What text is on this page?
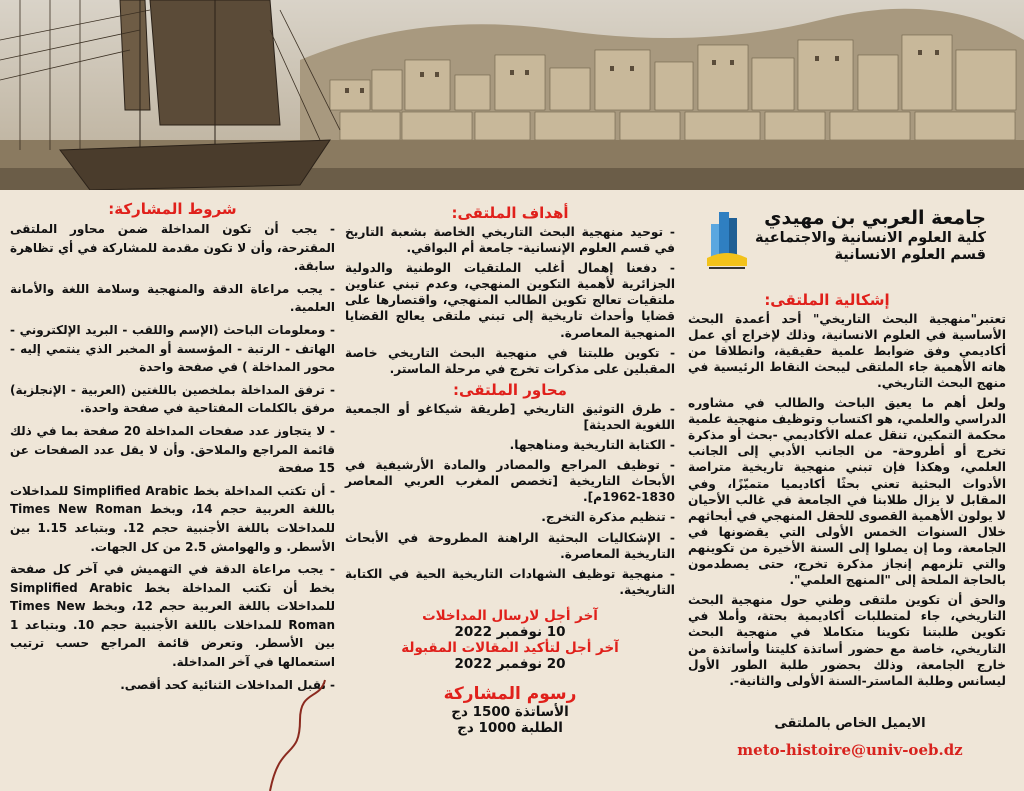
جامعة العربي بن مهيدي
كلية العلوم الانسانية والاجتماعية
قسم العلوم الانسانية
إشكالية الملتقى:
تعتبر"منهجية البحث التاريخي" أحد أعمدة البحث الأساسية في العلوم الانسانية، وذلك لإخراج أي عمل أكاديمي وفق ضوابط علمية حقيقية، وانطلاقا من هاته الأهمية جاء الملتقى ليبحث النقاط الرئيسية في منهج البحث التاريخي.
ولعل أهم ما يعيق الباحث والطالب في مشاوره الدراسي والعلمي، هو اكتساب وتوظيف منهجية علمية محكمة التمكين، تنقل عمله الأكاديمي -بحث أو مذكرة تخرج أو أطروحة- من الجانب الأدبي إلى الجانب العلمي، وهكذا فإن تبني منهجية تاريخية متراصة الأدوات البحثية تعني بحثًا أكاديميا متميّزًا، وفي المقابل لا يزال طلابنا في الجامعة في غالب الأحيان لا يولون الأهمية القصوى للحقل المنهجي في أبحاثهم خلال السنوات الخمس الأولى التي يقضونها في الجامعة، وما إن يصلوا إلى السنة الأخيرة من تكوينهم والتي تلزمهم إنجاز مذكرة تخرج، حتى يصطدمون بالحاجة الملحة إلى "المنهج العلمي".
والحق أن تكوين ملتقى وطني حول منهجية البحث التاريخي، جاء لمتطلبات أكاديمية بحتة، وأملا في تكوين طلبتنا تكوينا متكاملا في منهجية البحث التاريخي، خاصة مع حضور أساتذة كليتنا وأساتذة من خارج الجامعة، وذلك بحضور طلبة الطور الأول ليسانس وطلبة الماستر-السنة الأولى والثانية-.
الايميل الخاص بالملتقى
meto-histoire@univ-oeb.dz
أهداف الملتقى:
- توحيد منهجية البحث التاريخي الخاصة بشعبة التاريخ في قسم العلوم الإنسانية- جامعة أم البواقي.
- دفعنا إهمال أغلب الملتقيات الوطنية والدولية الجزائرية لأهمية التكوين المنهجي، وعدم تبني عناوين ملتقيات تعالج تكوين الطالب المنهجي، واقتصارها على قضايا وأحداث تاريخية إلى تبني ملتقى يعالج القضايا المنهجية المعاصرة.
- تكوين طلبتنا في منهجية البحث التاريخي خاصة المقبلين على مذكرات تخرج في مرحلة الماستر.
محاور الملتقى:
- طرق التوثيق التاريخي [طريقة شيكاغو أو الجمعية اللغوية الحديثة]
- الكتابة التاريخية ومناهجها.
- توظيف المراجع والمصادر والمادة الأرشيفية في الأبحاث التاريخية [تخصص المغرب العربي المعاصر 1830-1962م].
- تنظيم مذكرة التخرج.
- الإشكاليات البحثية الراهنة المطروحة في الأبحاث التاريخية المعاصرة.
- منهجية توظيف الشهادات التاريخية الحية في الكتابة التاريخية.
آخر أجل لارسال المداخلات
10 نوفمبر 2022
آخر أجل لتأكيد المقالات المقبولة
20 نوفمبر 2022
رسوم المشاركة
الأساتذة 1500 دج
الطلبة 1000 دج
شروط المشاركة:
- يجب أن تكون المداخلة ضمن محاور الملتقى المقترحة، وأن لا تكون مقدمة للمشاركة في أي تظاهرة سابقة.
- يجب مراعاة الدقة والمنهجية وسلامة اللغة والأمانة العلمية.
- ومعلومات الباحث (الإسم واللقب - البريد الإلكتروني - الهاتف - الرتبة - المؤسسة أو المخبر الذي ينتمي إليه - محور المداخلة ) في صفحة واحدة
- ترفق المداخلة بملخصين باللغتين (العربية - الإنجلزية) مرفق بالكلمات المفتاحية في صفحة واحدة.
- لا يتجاوز عدد صفحات المداخلة 20 صفحة بما في ذلك قائمة المراجع والملاحق. وأن لا يقل عدد الصفحات عن 15 صفحة
- أن تكتب المداخلة بخط Simplified Arabic للمداخلات باللغة العربية حجم 14، وبخط Times New Roman للمداخلات باللغة الأجنبية حجم 12. وبتباعد 1.15 بين الأسطر. و والهوامش 2.5 من كل الجهات.
- يجب مراعاة الدقة في التهميش في آخر كل صفحة بخط أن تكتب المداخلة بخط Simplified Arabic للمداخلات باللغة العربية حجم 12، وبخط Times New Roman للمداخلات باللغة الأجنبية حجم 10. وبتباعد 1 بين الأسطر. وتعرض قائمة المراجع حسب ترتيب استعمالها في آخر المداخلة.
- تقبل المداخلات الثنائية كحد أقصى.
